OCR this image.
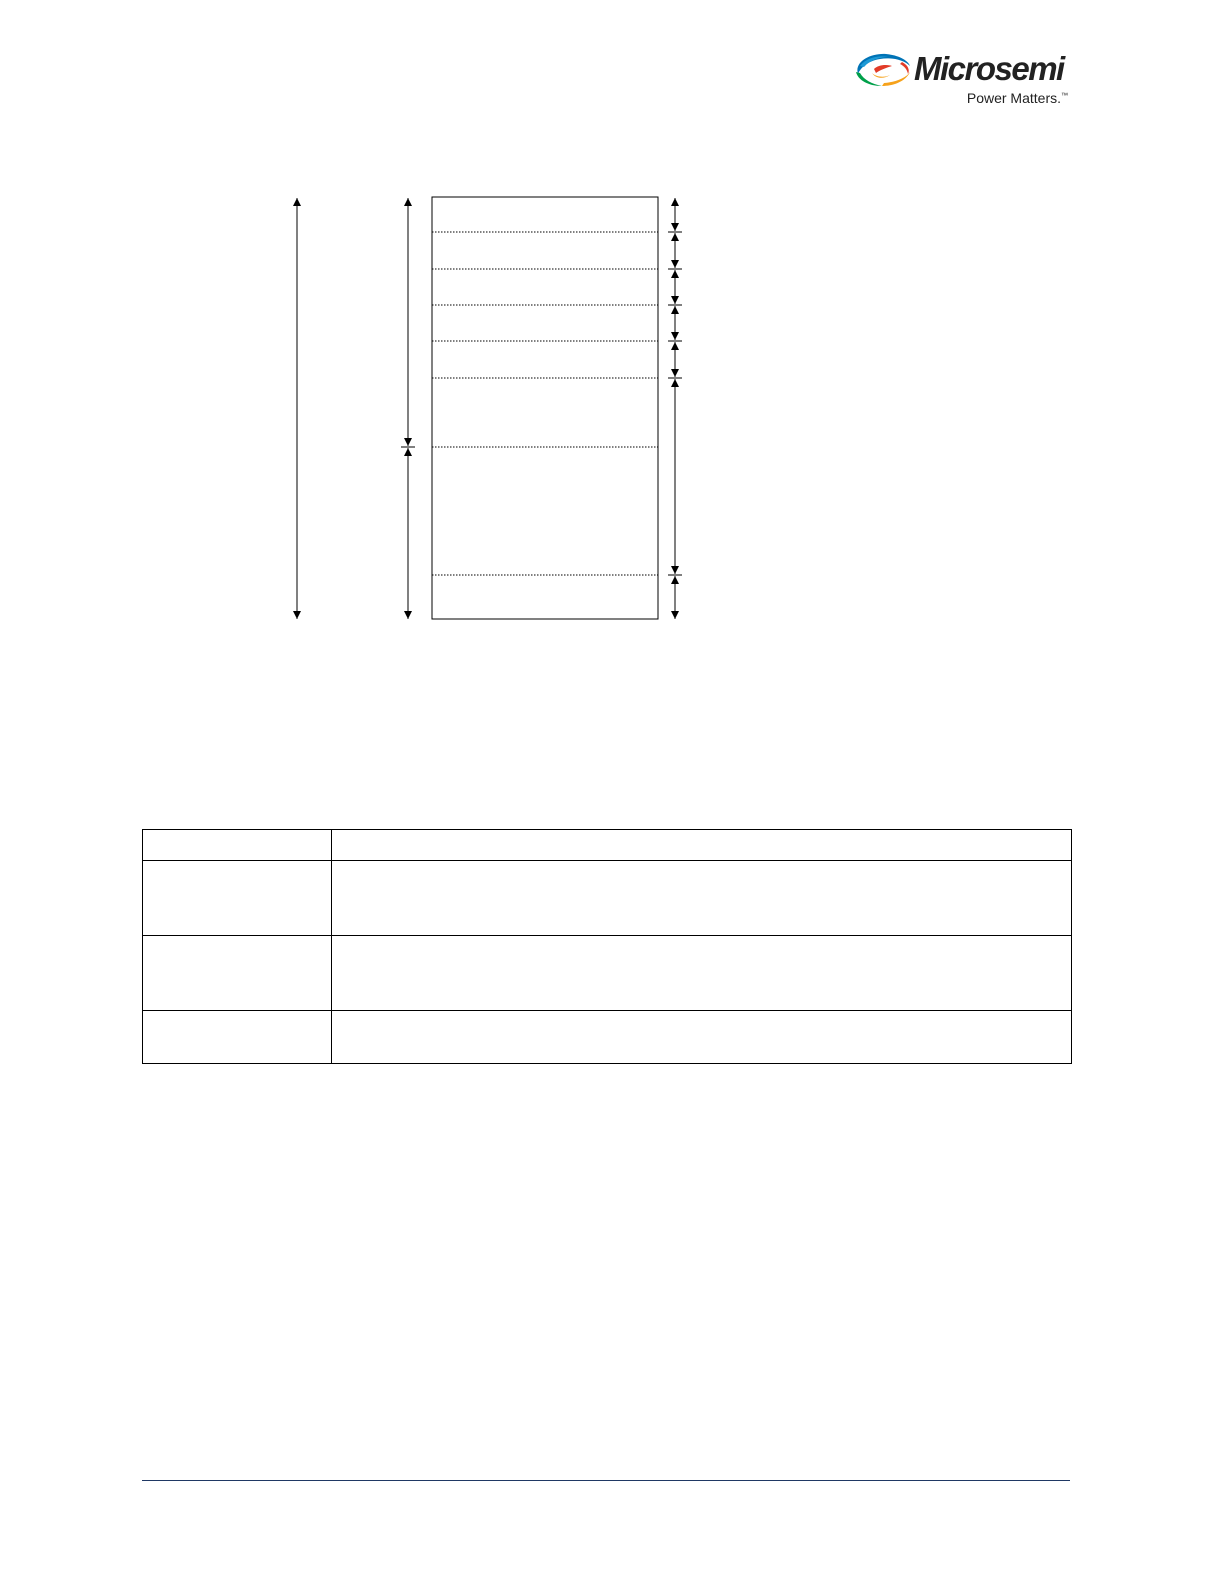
Microsemi
Power Matters.™
